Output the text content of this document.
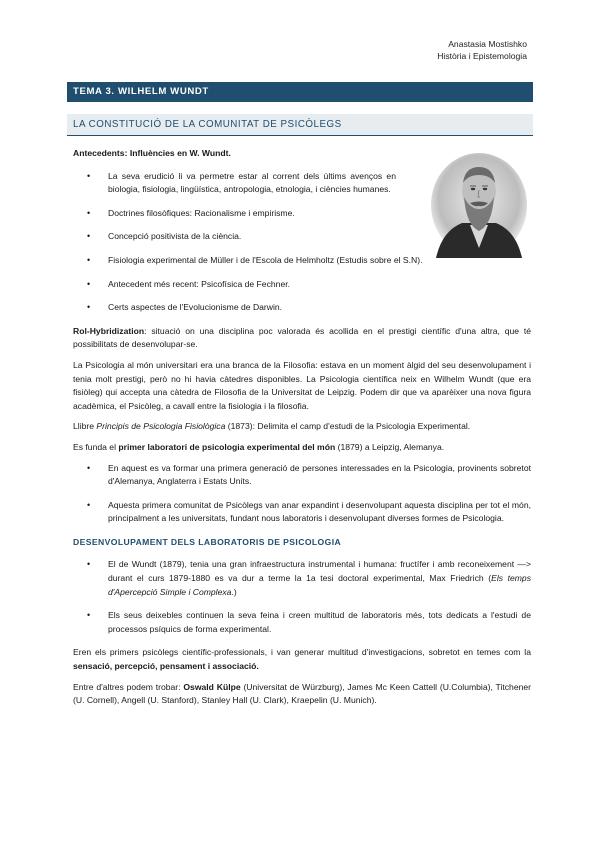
Anastasia Mostishko
Història i Epistemologia
TEMA 3. WILHELM WUNDT
LA CONSTITUCIÓ DE LA COMUNITAT DE PSICÒLEGS

Antecedents: Influències en W. Wundt.

• La seva erudició li va permetre estar al corrent dels últims avenços en biologia, fisiologia, lingüística, antropologia, etnologia, i ciències humanes.
• Doctrines filosòfiques: Racionalisme i empirisme.
• Concepció positivista de la ciència.
• Fisiologia experimental de Müller i de l'Escola de Helmholtz (Estudis sobre el S.N).
• Antecedent més recent: Psicofísica de Fechner.
• Certs aspectes de l'Evolucionisme de Darwin.

Rol-Hybridization: situació on una disciplina poc valorada és acollida en el prestigi científic d'una altra, que té possibilitats de desenvolupar-se.

La Psicologia al món universitari era una branca de la Filosofia: estava en un moment àlgid del seu desenvolupament i tenia molt prestigi, però no hi havia càtedres disponibles. La Psicologia científica neix en Wilhelm Wundt (que era fisiòleg) qui accepta una càtedra de Filosofia de la Universitat de Leipzig. Podem dir que va aparèixer una nova figura acadèmica, el Psicòleg, a cavall entre la fisiologia i la filosofia.

Llibre Principis de Psicologia Fisiològica (1873): Delimita el camp d'estudi de la Psicologia Experimental.

Es funda el primer laboratori de psicologia experimental del món (1879) a Leipzig, Alemanya.

• En aquest es va formar una primera generació de persones interessades en la Psicologia, provinents sobretot d'Alemanya, Anglaterra i Estats Units.
• Aquesta primera comunitat de Psicòlegs van anar expandint i desenvolupant aquesta disciplina per tot el món, principalment a les universitats, fundant nous laboratoris i desenvolupant diverses formes de Psicologia.

DESENVOLUPAMENT DELS LABORATORIS DE PSICOLOGIA

• El de Wundt (1879), tenia una gran infraestructura instrumental i humana: fructífer i amb reconeixement —> durant el curs 1879-1880 es va dur a terme la 1a tesi doctoral experimental, Max Friedrich (Els temps d'Apercepció Simple i Complexa.)
• Els seus deixebles continuen la seva feina i creen multitud de laboratoris més, tots dedicats a l'estudi de processos psíquics de forma experimental.

Eren els primers psicòlegs científic-professionals, i van generar multitud d'investigacions, sobretot en temes com la sensació, percepció, pensament i associació.

Entre d'altres podem trobar: Oswald Külpe (Universitat de Würzburg), James Mc Keen Cattell (U.Columbia), Titchener (U. Cornell), Angell (U. Stanford), Stanley Hall (U. Clark), Kraepelin (U. Munich).
